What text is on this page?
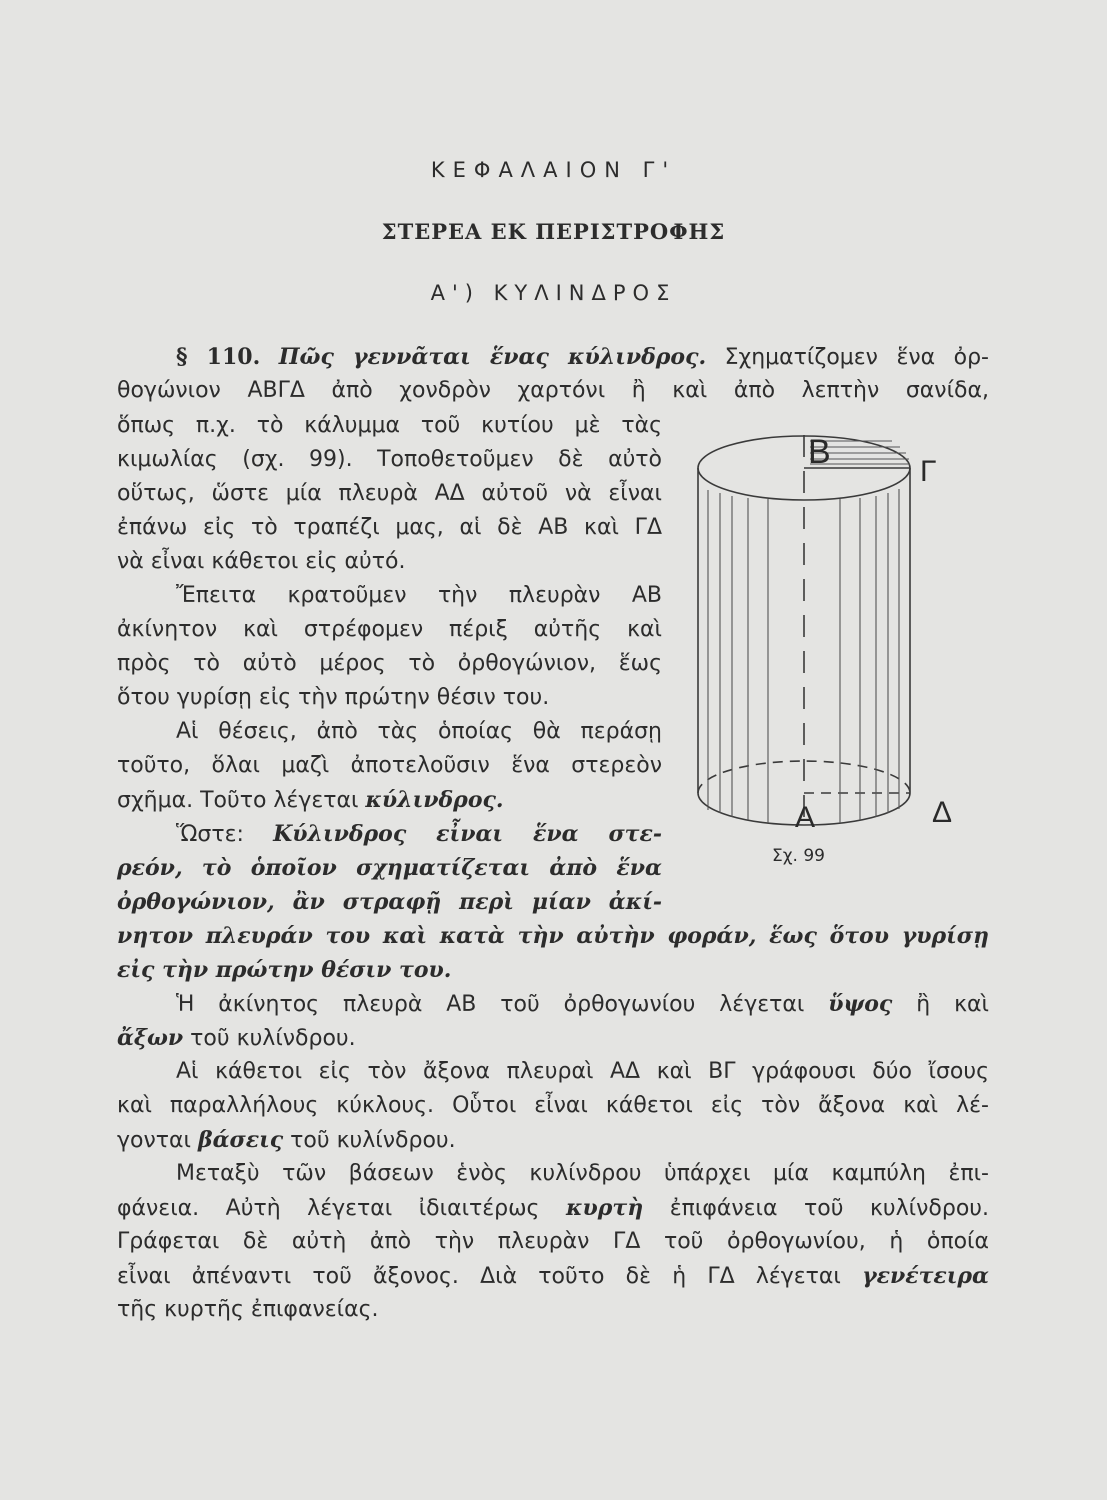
ΚΕΦΑΛΑΙΟΝ Γ'
ΣΤΕΡΕΑ ΕΚ ΠΕΡΙΣΤΡΟΦΗΣ
Α') ΚΥΛΙΝΔΡΟΣ
§ 110. Πῶς γεννᾶται ἕνας κύλινδρος. Σχηματίζομεν ἕνα ὀρ-
θογώνιον ΑΒΓΔ ἀπὸ χονδρὸν χαρτόνι ἢ καὶ ἀπὸ λεπτὴν σανίδα,
ὅπως π.χ. τὸ κάλυμμα τοῦ κυτίου μὲ τὰς
κιμωλίας (σχ. 99). Τοποθετοῦμεν δὲ αὐτὸ
οὕτως, ὥστε μία πλευρὰ ΑΔ αὐτοῦ νὰ εἶναι
ἐπάνω εἰς τὸ τραπέζι μας, αἱ δὲ ΑΒ καὶ ΓΔ
νὰ εἶναι κάθετοι εἰς αὐτό.
Ἔπειτα κρατοῦμεν τὴν πλευρὰν ΑΒ
ἀκίνητον καὶ στρέφομεν πέριξ αὐτῆς καὶ
πρὸς τὸ αὐτὸ μέρος τὸ ὀρθογώνιον, ἕως
ὅτου γυρίσῃ εἰς τὴν πρώτην θέσιν του.
Αἱ θέσεις, ἀπὸ τὰς ὁποίας θὰ περάσῃ
τοῦτο, ὅλαι μαζὶ ἀποτελοῦσιν ἕνα στερεὸν
σχῆμα. Τοῦτο λέγεται κύλινδρος.
Ὥστε: Κύλινδρος εἶναι ἕνα στε-
ρεόν, τὸ ὁποῖον σχηματίζεται ἀπὸ ἕνα
ὀρθογώνιον, ἂν στραφῇ περὶ μίαν ἀκί-
νητον πλευράν του καὶ κατὰ τὴν αὐτὴν φοράν, ἕως ὅτου γυρίσῃ
εἰς τὴν πρώτην θέσιν του.
Ἡ ἀκίνητος πλευρὰ ΑΒ τοῦ ὀρθογωνίου λέγεται ὕψος ἢ καὶ
ἄξων τοῦ κυλίνδρου.
Αἱ κάθετοι εἰς τὸν ἄξονα πλευραὶ ΑΔ καὶ ΒΓ γράφουσι δύο ἴσους
καὶ παραλλήλους κύκλους. Οὗτοι εἶναι κάθετοι εἰς τὸν ἄξονα καὶ λέ-
γονται βάσεις τοῦ κυλίνδρου.
Μεταξὺ τῶν βάσεων ἑνὸς κυλίνδρου ὑπάρχει μία καμπύλη ἐπι-
φάνεια. Αὐτὴ λέγεται ἰδιαιτέρως κυρτὴ ἐπιφάνεια τοῦ κυλίνδρου.
Γράφεται δὲ αὐτὴ ἀπὸ τὴν πλευρὰν ΓΔ τοῦ ὀρθογωνίου, ἡ ὁποία
εἶναι ἀπέναντι τοῦ ἄξονος. Διὰ τοῦτο δὲ ἡ ΓΔ λέγεται γενέτειρα
τῆς κυρτῆς ἐπιφανείας.
Β
Γ
Α	Δ
Σχ. 99
